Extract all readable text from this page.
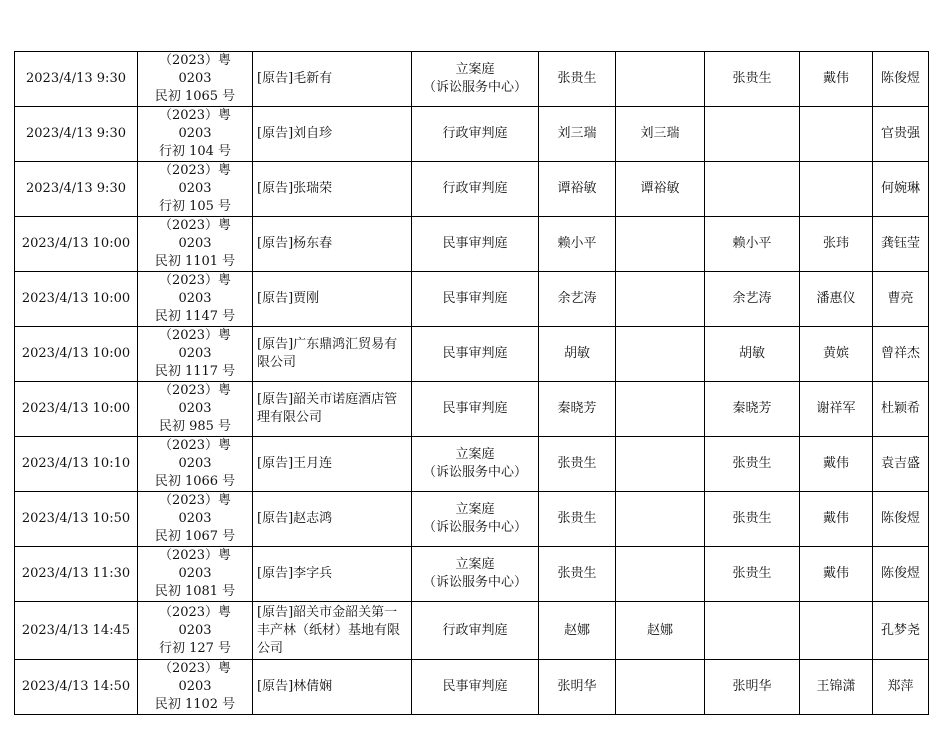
2023/4/13 9:30	（2023）粤 0203
民初 1065 号	[原告]毛新有	立案庭
（诉讼服务中心）	张贵生		张贵生	戴伟	陈俊煜

2023/4/13 9:30	（2023）粤 0203
行初 104 号	[原告]刘自珍	行政审判庭	刘三瑞	刘三瑞			官贵强

2023/4/13 9:30	（2023）粤 0203
行初 105 号	[原告]张瑞荣	行政审判庭	谭裕敏	谭裕敏			何婉琳

2023/4/13 10:00	（2023）粤 0203
民初 1101 号	[原告]杨东春	民事审判庭	赖小平		赖小平	张玮	龚钰莹

2023/4/13 10:00	（2023）粤 0203
民初 1147 号	[原告]贾刚	民事审判庭	余艺涛		余艺涛	潘惠仪	曹亮

2023/4/13 10:00	（2023）粤 0203
民初 1117 号	[原告]广东鼎鸿汇贸易有限公司	民事审判庭	胡敏		胡敏	黄嫔	曾祥杰

2023/4/13 10:00	（2023）粤 0203
民初 985 号	[原告]韶关市诺庭酒店管理有限公司	民事审判庭	秦晓芳		秦晓芳	谢祥军	杜颖希

2023/4/13 10:10	（2023）粤 0203
民初 1066 号	[原告]王月连	立案庭
（诉讼服务中心）	张贵生		张贵生	戴伟	袁吉盛

2023/4/13 10:50	（2023）粤 0203
民初 1067 号	[原告]赵志鸿	立案庭
（诉讼服务中心）	张贵生		张贵生	戴伟	陈俊煜

2023/4/13 11:30	（2023）粤 0203
民初 1081 号	[原告]李字兵	立案庭
（诉讼服务中心）	张贵生		张贵生	戴伟	陈俊煜

2023/4/13 14:45	（2023）粤 0203
行初 127 号	[原告]韶关市金韶关第一丰产林（纸材）基地有限公司	行政审判庭	赵娜	赵娜			孔梦尧

2023/4/13 14:50	（2023）粤 0203
民初 1102 号	[原告]林倩娴	民事审判庭	张明华		张明华	王锦潇	郑萍
